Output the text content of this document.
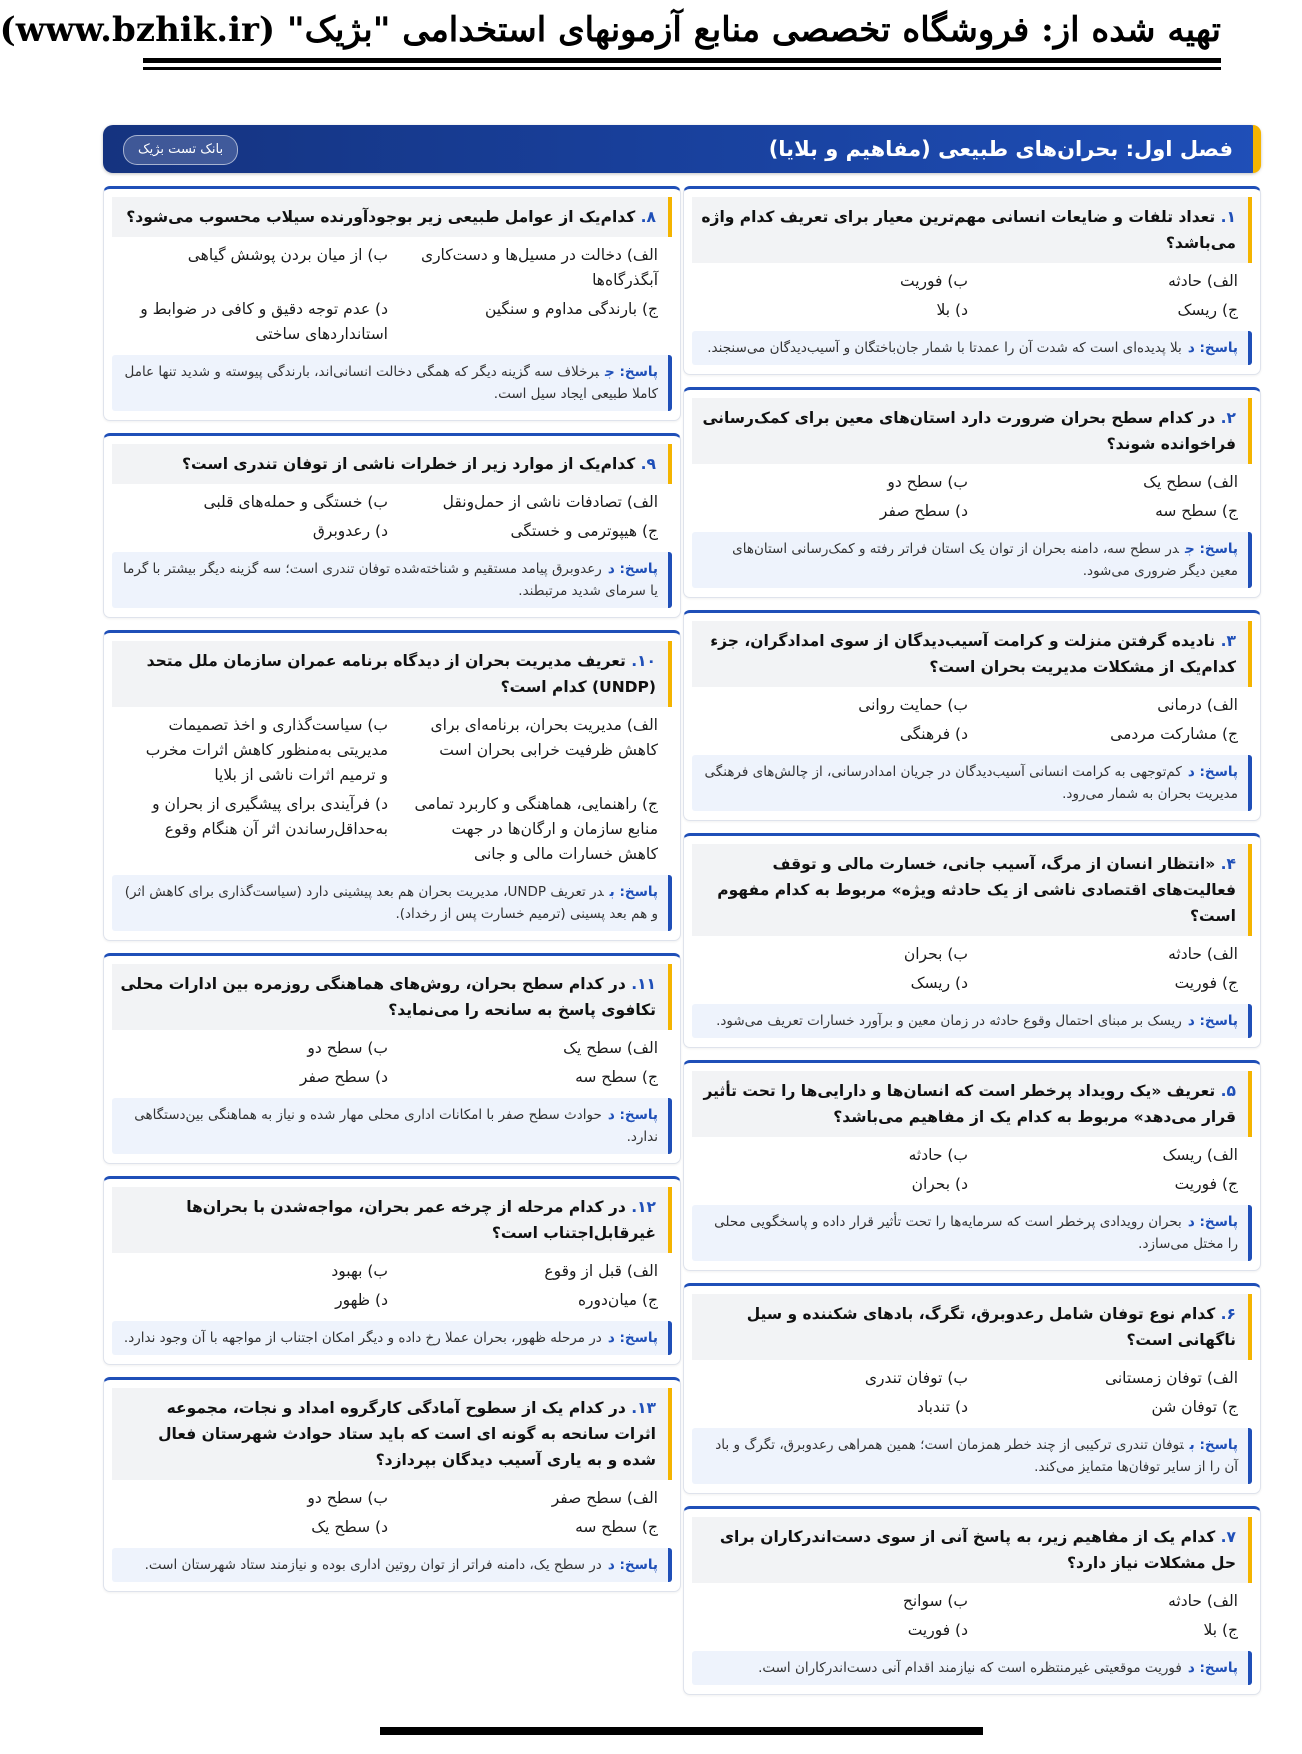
تهیه شده از: فروشگاه تخصصی منابع آزمونهای استخدامی "بژیک" (www.bzhik.ir)
فصل اول: بحران‌های طبیعی (مفاهیم و بلایا)
بانک تست بژیک
۱. تعداد تلفات و ضایعات انسانی مهم‌ترین معیار برای تعریف کدام واژه می‌باشد؟
الف) حادثه
ب) فوریت
ج) ریسک
د) بلا
پاسخ: دبلا پدیده‌ای است که شدت آن را عمدتا با شمار جان‌باختگان و آسیب‌دیدگان می‌سنجند.
۲. در کدام سطح بحران ضرورت دارد استان‌های معین برای کمک‌رسانی فراخوانده شوند؟
الف) سطح یک
ب) سطح دو
ج) سطح سه
د) سطح صفر
پاسخ: جدر سطح سه، دامنه بحران از توان یک استان فراتر رفته و کمک‌رسانی استان‌های معین دیگر ضروری می‌شود.
۳. نادیده گرفتن منزلت و کرامت آسیب‌دیدگان از سوی امدادگران، جزء کدام‌یک از مشکلات مدیریت بحران است؟
الف) درمانی
ب) حمایت روانی
ج) مشارکت مردمی
د) فرهنگی
پاسخ: دکم‌توجهی به کرامت انسانی آسیب‌دیدگان در جریان امدادرسانی، از چالش‌های فرهنگی مدیریت بحران به شمار می‌رود.
۴. «انتظار انسان از مرگ، آسیب جانی، خسارت مالی و توقف فعالیت‌های اقتصادی ناشی از یک حادثه ویژه» مربوط به کدام مفهوم است؟
الف) حادثه
ب) بحران
ج) فوریت
د) ریسک
پاسخ: دریسک بر مبنای احتمال وقوع حادثه در زمان معین و برآورد خسارات تعریف می‌شود.
۵. تعریف «یک رویداد پرخطر است که انسان‌ها و دارایی‌ها را تحت تأثیر قرار می‌دهد» مربوط به کدام یک از مفاهیم می‌باشد؟
الف) ریسک
ب) حادثه
ج) فوریت
د) بحران
پاسخ: دبحران رویدادی پرخطر است که سرمایه‌ها را تحت تأثیر قرار داده و پاسخگویی محلی را مختل می‌سازد.
۶. کدام نوع توفان شامل رعدوبرق، تگرگ، بادهای شکننده و سیل ناگهانی است؟
الف) توفان زمستانی
ب) توفان تندری
ج) توفان شن
د) تندباد
پاسخ: بتوفان تندری ترکیبی از چند خطر همزمان است؛ همین همراهی رعدوبرق، تگرگ و باد آن را از سایر توفان‌ها متمایز می‌کند.
۷. کدام یک از مفاهیم زیر، به پاسخ آنی از سوی دست‌اندرکاران برای حل مشکلات نیاز دارد؟
الف) حادثه
ب) سوانح
ج) بلا
د) فوریت
پاسخ: دفوریت موقعیتی غیرمنتظره است که نیازمند اقدام آنی دست‌اندرکاران است.
۸. کدام‌یک از عوامل طبیعی زیر بوجودآورنده سیلاب محسوب می‌شود؟
الف) دخالت در مسیل‌ها و دست‌کاری آبگذرگاه‌ها
ب) از میان بردن پوشش گیاهی
ج) بارندگی مداوم و سنگین
د) عدم توجه دقیق و کافی در ضوابط و استانداردهای ساختی
پاسخ: جبرخلاف سه گزینه دیگر که همگی دخالت انسانی‌اند، بارندگی پیوسته و شدید تنها عامل کاملا طبیعی ایجاد سیل است.
۹. کدام‌یک از موارد زیر از خطرات ناشی از توفان تندری است؟
الف) تصادفات ناشی از حمل‌ونقل
ب) خستگی و حمله‌های قلبی
ج) هیپوترمی و خستگی
د) رعدوبرق
پاسخ: درعدوبرق پیامد مستقیم و شناخته‌شده توفان تندری است؛ سه گزینه دیگر بیشتر با گرما یا سرمای شدید مرتبطند.
۱۰. تعریف مدیریت بحران از دیدگاه برنامه عمران سازمان ملل متحد (UNDP) کدام است؟
الف) مدیریت بحران، برنامه‌ای برای کاهش ظرفیت خرابی بحران است
ب) سیاست‌گذاری و اخذ تصمیمات مدیریتی به‌منظور کاهش اثرات مخرب و ترمیم اثرات ناشی از بلایا
ج) راهنمایی، هماهنگی و کاربرد تمامی منابع سازمان و ارگان‌ها در جهت کاهش خسارات مالی و جانی
د) فرآیندی برای پیشگیری از بحران و به‌حداقل‌رساندن اثر آن هنگام وقوع
پاسخ: بدر تعریف UNDP، مدیریت بحران هم بعد پیشینی دارد (سیاست‌گذاری برای کاهش اثر) و هم بعد پسینی (ترمیم خسارت پس از رخداد).
۱۱. در کدام سطح بحران، روش‌های هماهنگی روزمره بین ادارات محلی تکافوی پاسخ به سانحه را می‌نماید؟
الف) سطح یک
ب) سطح دو
ج) سطح سه
د) سطح صفر
پاسخ: دحوادث سطح صفر با امکانات اداری محلی مهار شده و نیاز به هماهنگی بین‌دستگاهی ندارد.
۱۲. در کدام مرحله از چرخه عمر بحران، مواجه‌شدن با بحران‌ها غیرقابل‌اجتناب است؟
الف) قبل از وقوع
ب) بهبود
ج) میان‌دوره
د) ظهور
پاسخ: ددر مرحله ظهور، بحران عملا رخ داده و دیگر امکان اجتناب از مواجهه با آن وجود ندارد.
۱۳. در کدام یک از سطوح آمادگی کارگروه امداد و نجات، مجموعه اثرات سانحه به گونه ای است که باید ستاد حوادث شهرستان فعال شده و به یاری آسیب دیدگان بپردازد؟
الف) سطح صفر
ب) سطح دو
ج) سطح سه
د) سطح یک
پاسخ: ددر سطح یک، دامنه فراتر از توان روتین اداری بوده و نیازمند ستاد شهرستان است.
